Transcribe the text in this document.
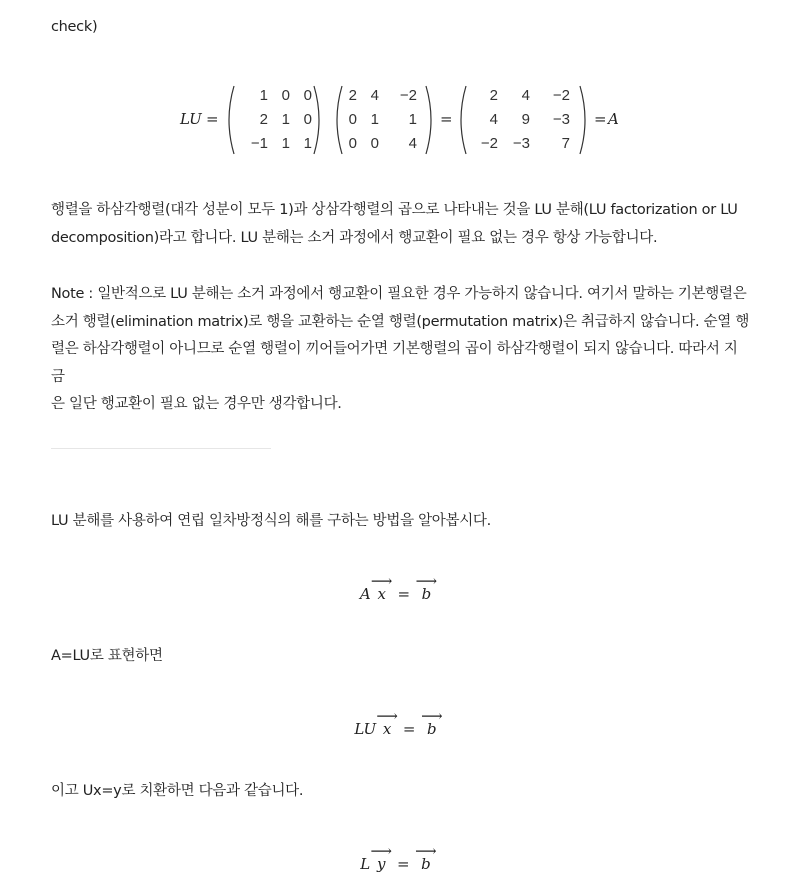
check)

LU =
1 0 0
2 1 0
−1 1 1
2 4	−2
0 1	1
0 0	4
=
2	4	−2
4	9	−3
−2 −3	7
= A

행렬을 하삼각행렬(대각 성분이 모두 1)과 상삼각행렬의 곱으로 나타내는 것을 LU 분해(LU factorization or LU
decomposition)라고 합니다. LU 분해는 소거 과정에서 행교환이 필요 없는 경우 항상 가능합니다.

Note : 일반적으로 LU 분해는 소거 과정에서 행교환이 필요한 경우 가능하지 않습니다. 여기서 말하는 기본행렬은
소거 행렬(elimination matrix)로 행을 교환하는 순열 행렬(permutation matrix)은 취급하지 않습니다. 순열 행
렬은 하삼각행렬이 아니므로 순열 행렬이 끼어들어가면 기본행렬의 곱이 하삼각행렬이 되지 않습니다. 따라서 지금
은 일단 행교환이 필요 없는 경우만 생각합니다.

LU 분해를 사용하여 연립 일차방정식의 해를 구하는 방법을 알아봅시다.

A ⟶ x = ⟶ b

A=LU로 표현하면

LU ⟶ x = ⟶ b

이고 Ux=y로 치환하면 다음과 같습니다.

L ⟶ y = ⟶ b
